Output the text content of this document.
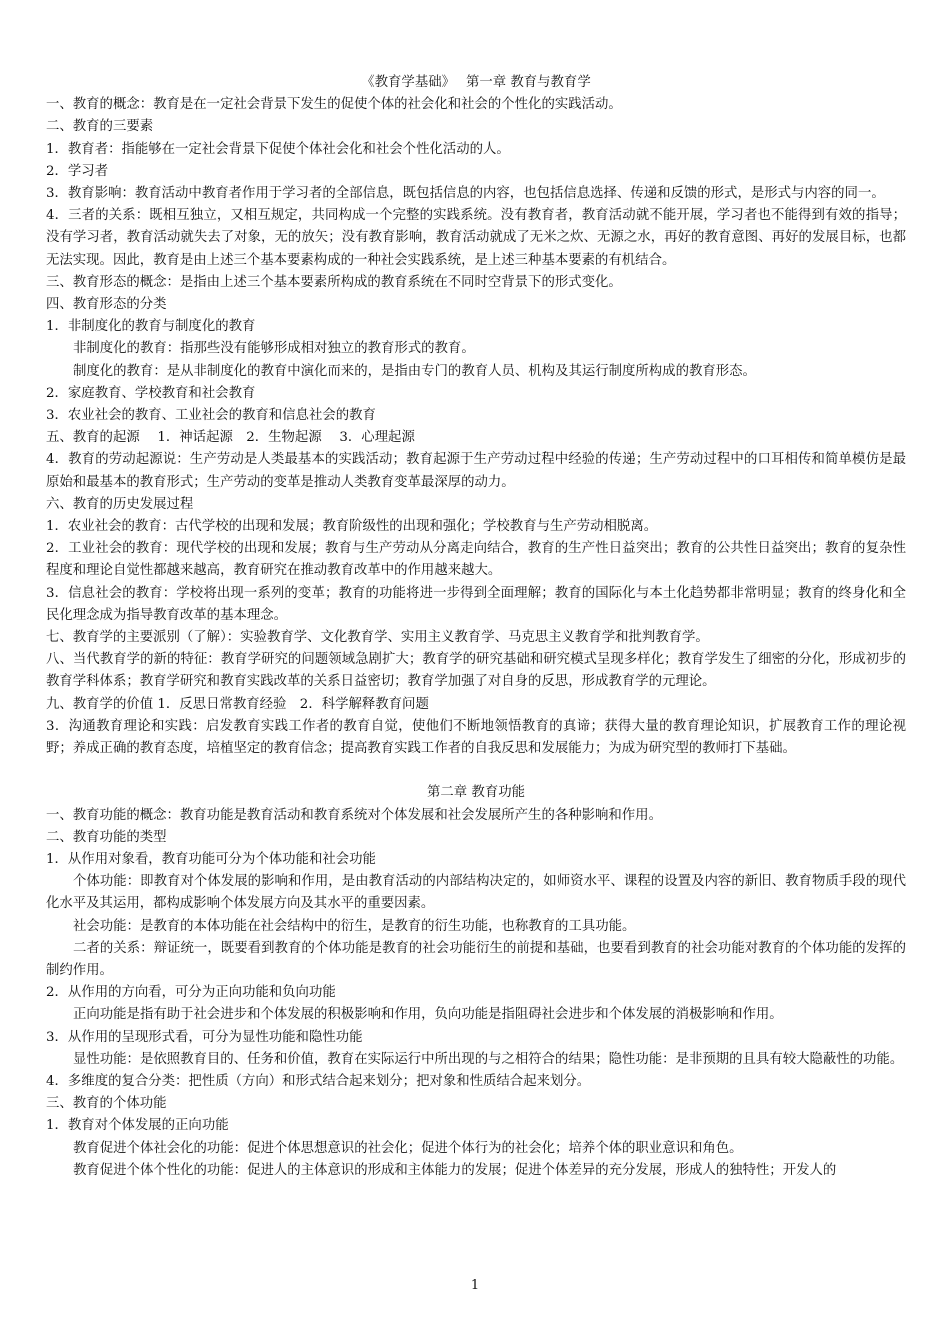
《教育学基础》　 第一章 教育与教育学

一、教育的概念：教育是在一定社会背景下发生的促使个体的社会化和社会的个性化的实践活动。

二、教育的三要素

1．教育者：指能够在一定社会背景下促使个体社会化和社会个性化活动的人。

2．学习者

3．教育影响：教育活动中教育者作用于学习者的全部信息，既包括信息的内容，也包括信息选择、传递和反馈的形式，是形式与内容的同一。

4．三者的关系：既相互独立，又相互规定，共同构成一个完整的实践系统。没有教育者，教育活动就不能开展，学习者也不能得到有效的指导；没有学习者，教育活动就失去了对象，无的放矢；没有教育影响，教育活动就成了无米之炊、无源之水，再好的教育意图、再好的发展目标，也都无法实现。因此，教育是由上述三个基本要素构成的一种社会实践系统，是上述三种基本要素的有机结合。

三、教育形态的概念：是指由上述三个基本要素所构成的教育系统在不同时空背景下的形式变化。

四、教育形态的分类

1．非制度化的教育与制度化的教育

非制度化的教育：指那些没有能够形成相对独立的教育形式的教育。

制度化的教育：是从非制度化的教育中演化而来的，是指由专门的教育人员、机构及其运行制度所构成的教育形态。

2．家庭教育、学校教育和社会教育

3．农业社会的教育、工业社会的教育和信息社会的教育

五、教育的起源　 1．神话起源　2．生物起源　 3．心理起源

4．教育的劳动起源说：生产劳动是人类最基本的实践活动；教育起源于生产劳动过程中经验的传递；生产劳动过程中的口耳相传和简单模仿是最原始和最基本的教育形式；生产劳动的变革是推动人类教育变革最深厚的动力。

六、教育的历史发展过程

1．农业社会的教育：古代学校的出现和发展；教育阶级性的出现和强化；学校教育与生产劳动相脱离。

2．工业社会的教育：现代学校的出现和发展；教育与生产劳动从分离走向结合，教育的生产性日益突出；教育的公共性日益突出；教育的复杂性程度和理论自觉性都越来越高，教育研究在推动教育改革中的作用越来越大。

3．信息社会的教育：学校将出现一系列的变革；教育的功能将进一步得到全面理解；教育的国际化与本土化趋势都非常明显；教育的终身化和全民化理念成为指导教育改革的基本理念。

七、教育学的主要派别（了解）：实验教育学、文化教育学、实用主义教育学、马克思主义教育学和批判教育学。

八、当代教育学的新的特征：教育学研究的问题领域急剧扩大；教育学的研究基础和研究模式呈现多样化；教育学发生了细密的分化，形成初步的教育学科体系；教育学研究和教育实践改革的关系日益密切；教育学加强了对自身的反思，形成教育学的元理论。

九、教育学的价值 1．反思日常教育经验　2．科学解释教育问题

3．沟通教育理论和实践：启发教育实践工作者的教育自觉，使他们不断地领悟教育的真谛；获得大量的教育理论知识，扩展教育工作的理论视野；养成正确的教育态度，培植坚定的教育信念；提高教育实践工作者的自我反思和发展能力；为成为研究型的教师打下基础。

第二章 教育功能

一、教育功能的概念：教育功能是教育活动和教育系统对个体发展和社会发展所产生的各种影响和作用。

二、教育功能的类型

1．从作用对象看，教育功能可分为个体功能和社会功能

个体功能：即教育对个体发展的影响和作用，是由教育活动的内部结构决定的，如师资水平、课程的设置及内容的新旧、教育物质手段的现代化水平及其运用，都构成影响个体发展方向及其水平的重要因素。

社会功能：是教育的本体功能在社会结构中的衍生，是教育的衍生功能，也称教育的工具功能。

二者的关系：辩证统一，既要看到教育的个体功能是教育的社会功能衍生的前提和基础，也要看到教育的社会功能对教育的个体功能的发挥的制约作用。

2．从作用的方向看，可分为正向功能和负向功能

正向功能是指有助于社会进步和个体发展的积极影响和作用，负向功能是指阻碍社会进步和个体发展的消极影响和作用。

3．从作用的呈现形式看，可分为显性功能和隐性功能

显性功能：是依照教育目的、任务和价值，教育在实际运行中所出现的与之相符合的结果；隐性功能：是非预期的且具有较大隐蔽性的功能。

4．多维度的复合分类：把性质（方向）和形式结合起来划分；把对象和性质结合起来划分。

三、教育的个体功能

1．教育对个体发展的正向功能

教育促进个体社会化的功能：促进个体思想意识的社会化；促进个体行为的社会化；培养个体的职业意识和角色。

教育促进个体个性化的功能：促进人的主体意识的形成和主体能力的发展；促进个体差异的充分发展，形成人的独特性；开发人的

1
